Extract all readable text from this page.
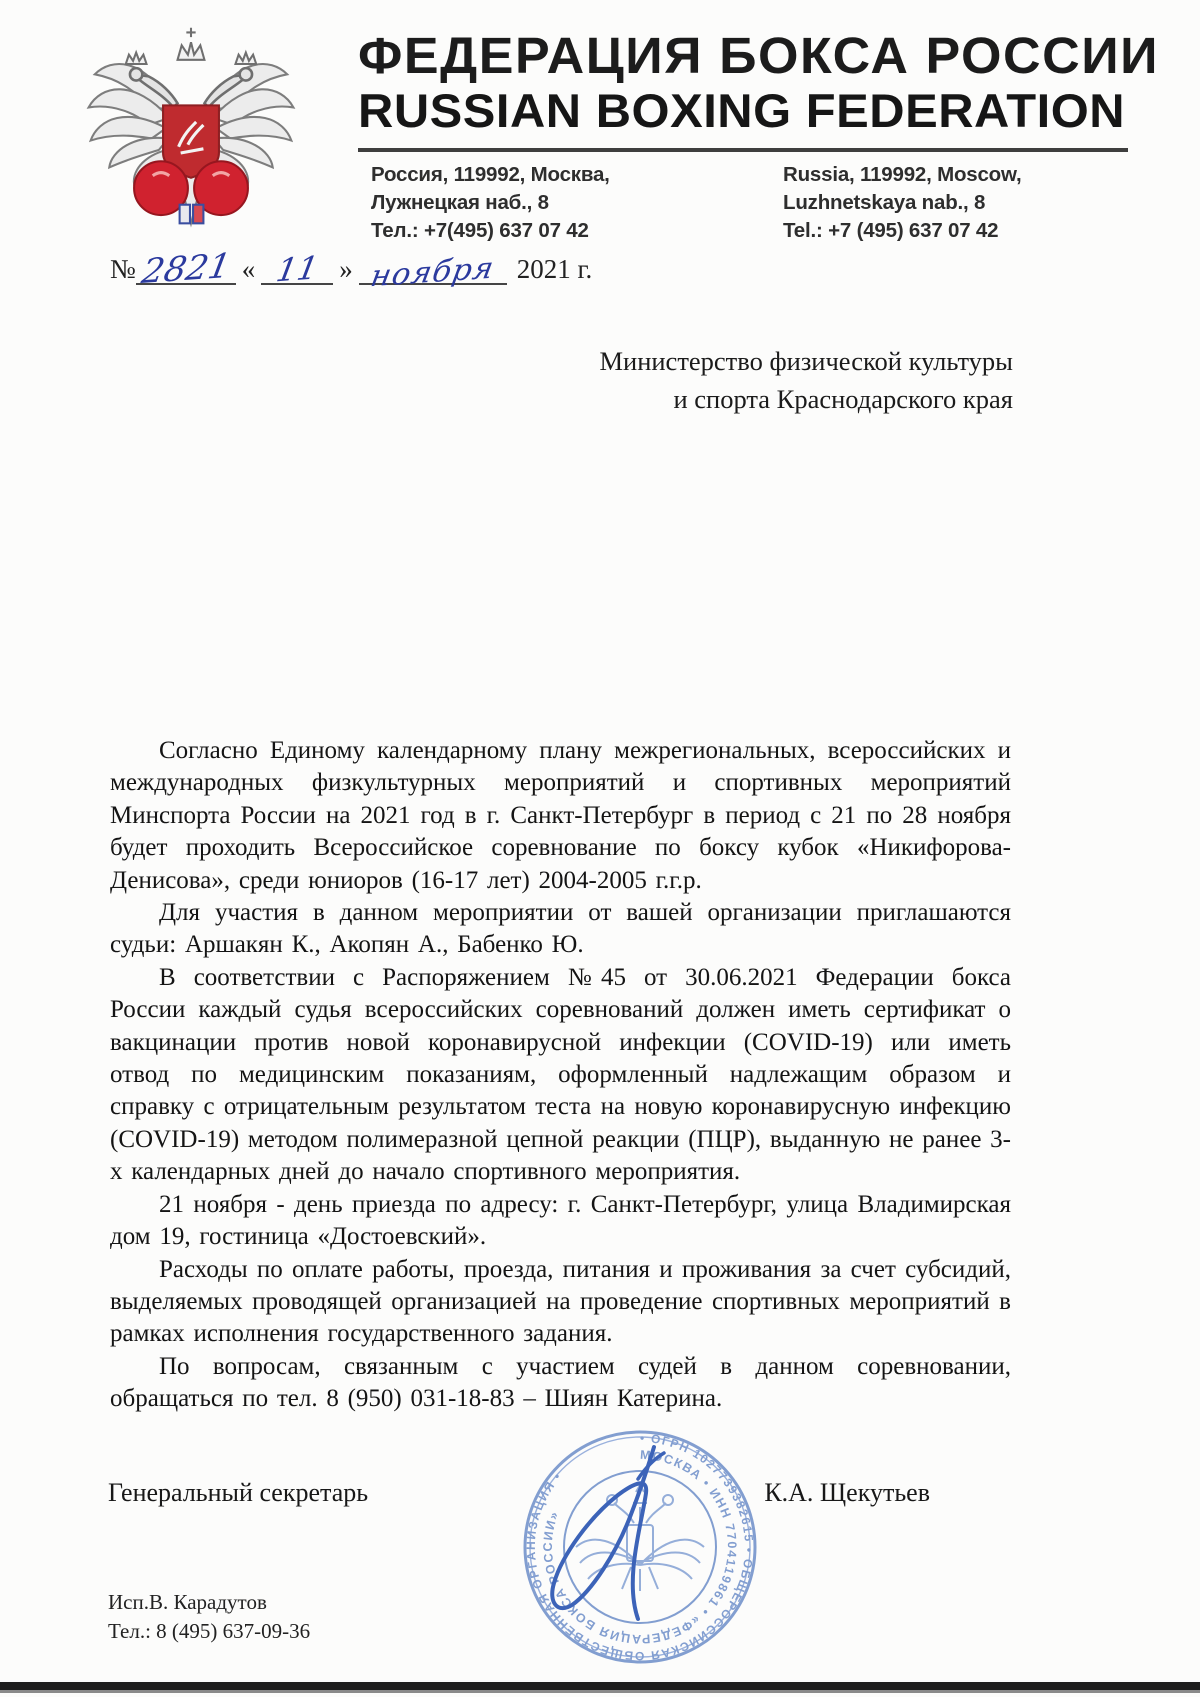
ФЕДЕРАЦИЯ БОКСА РОССИИ
RUSSIAN BOXING FEDERATION
Россия, 119992, Москва,
Лужнецкая наб., 8
Тел.: +7(495) 637 07 42
Russia, 119992, Moscow,
Luzhnetskaya nab., 8
Tel.: +7 (495) 637 07 42
№ 2821 « 11 » ноября 2021 г.
Министерство физической культуры
и спорта Краснодарского края

Согласно Единому календарному плану межрегиональных, всероссийских и международных физкультурных мероприятий и спортивных мероприятий Минспорта России на 2021 год в г. Санкт-Петербург в период с 21 по 28 ноября будет проходить Всероссийское соревнование по боксу кубок «Никифорова-Денисова», среди юниоров (16-17 лет) 2004-2005 г.г.р.

Для участия в данном мероприятии от вашей организации приглашаются судьи: Аршакян К., Акопян А., Бабенко Ю.

В соответствии с Распоряжением №45 от 30.06.2021 Федерации бокса России каждый судья всероссийских соревнований должен иметь сертификат о вакцинации против новой коронавирусной инфекции (COVID-19) или иметь отвод по медицинским показаниям, оформленный надлежащим образом и справку с отрицательным результатом теста на новую коронавирусную инфекцию (COVID-19) методом полимеразной цепной реакции (ПЦР), выданную не ранее 3-х календарных дней до начало спортивного мероприятия.

21 ноября - день приезда по адресу: г. Санкт-Петербург, улица Владимирская дом 19, гостиница «Достоевский».

Расходы по оплате работы, проезда, питания и проживания за счет субсидий, выделяемых проводящей организацией на проведение спортивных мероприятий в рамках исполнения государственного задания.

По вопросам, связанным с участием судей в данном соревновании, обращаться по тел. 8 (950) 031-18-83 – Шиян Катерина.

Генеральный секретарь	К.А. Щекутьев
• ОГРН 1027739382615 • ОБЩЕРОССИЙСКАЯ ОБЩЕСТВЕННАЯ ОРГАНИЗАЦИЯ •
МОСКВА • ИНН 7704119861 • «ФЕДЕРАЦИЯ БОКСА РОССИИ»
Исп.В. Карадутов
Тел.: 8 (495) 637-09-36
